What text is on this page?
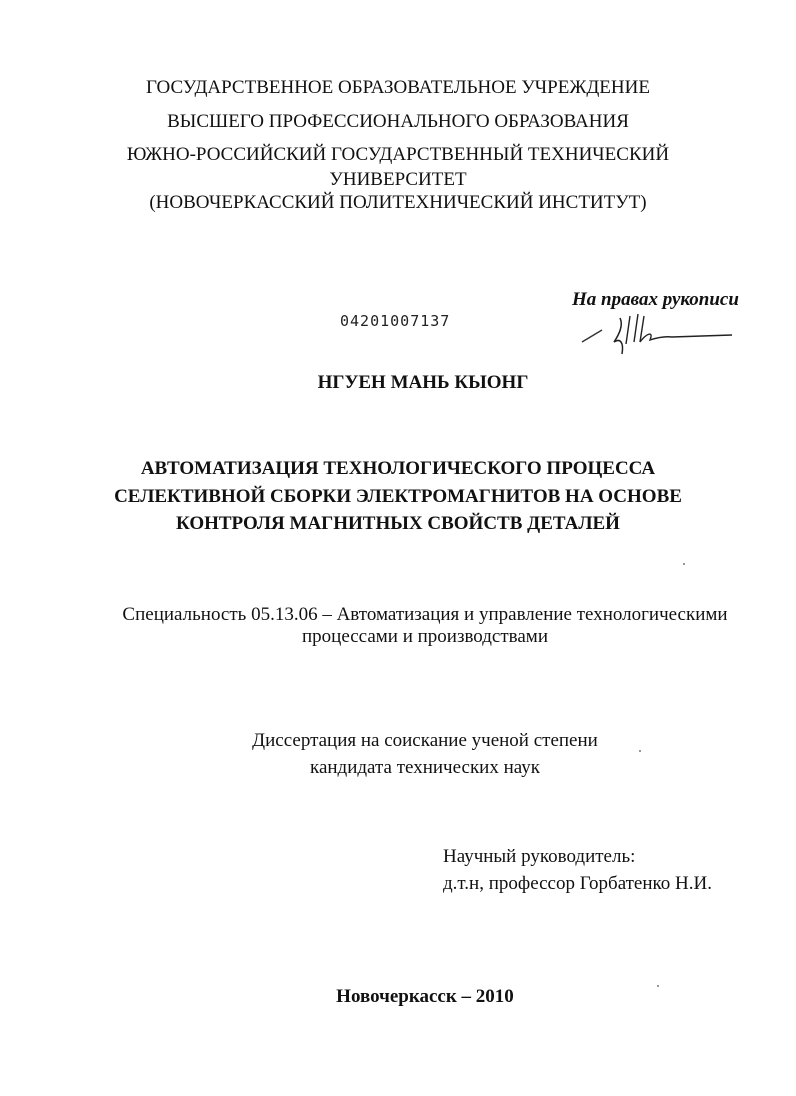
ГОСУДАРСТВЕННОЕ ОБРАЗОВАТЕЛЬНОЕ УЧРЕЖДЕНИЕ
ВЫСШЕГО ПРОФЕССИОНАЛЬНОГО ОБРАЗОВАНИЯ
ЮЖНО-РОССИЙСКИЙ ГОСУДАРСТВЕННЫЙ ТЕХНИЧЕСКИЙ
УНИВЕРСИТЕТ
(НОВОЧЕРКАССКИЙ ПОЛИТЕХНИЧЕСКИЙ ИНСТИТУТ)
04201007137
На правах рукописи
НГУЕН МАНЬ КЫОНГ
АВТОМАТИЗАЦИЯ ТЕХНОЛОГИЧЕСКОГО ПРОЦЕССА
СЕЛЕКТИВНОЙ СБОРКИ ЭЛЕКТРОМАГНИТОВ НА ОСНОВЕ
КОНТРОЛЯ МАГНИТНЫХ СВОЙСТВ ДЕТАЛЕЙ
Специальность 05.13.06 – Автоматизация и управление технологическими
процессами и производствами
Диссертация на соискание ученой степени
кандидата технических наук
Научный руководитель:
д.т.н, профессор Горбатенко Н.И.
Новочеркасск – 2010
